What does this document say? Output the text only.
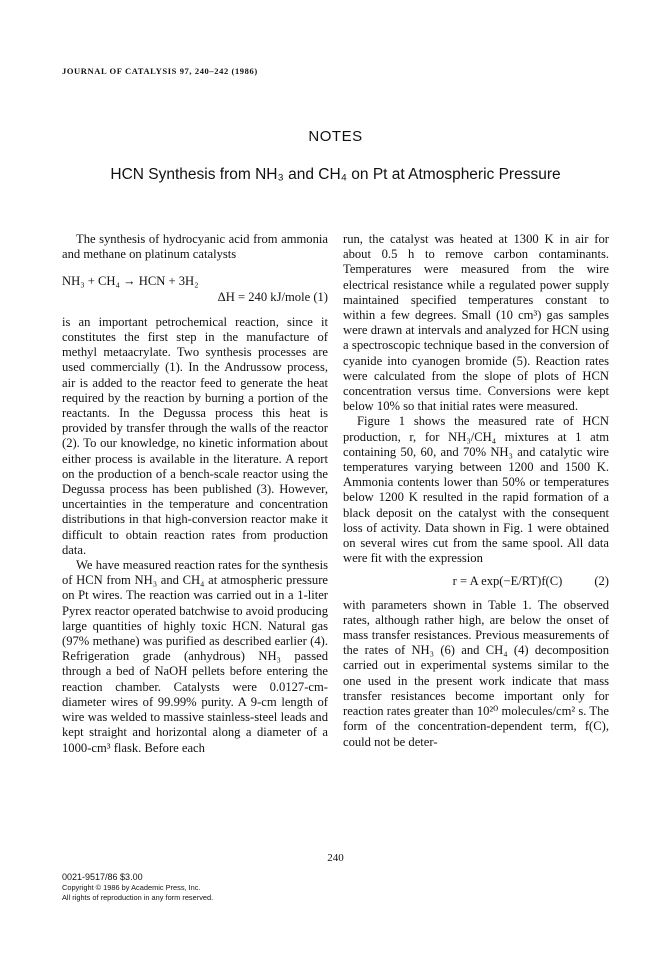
JOURNAL OF CATALYSIS 97, 240–242 (1986)
NOTES
HCN Synthesis from NH₃ and CH₄ on Pt at Atmospheric Pressure

The synthesis of hydrocyanic acid from ammonia and methane on platinum catalysts

NH₃ + CH₄ → HCN + 3H₂
ΔH = 240 kJ/mole (1)

is an important petrochemical reaction, since it constitutes the first step in the manufacture of methyl metaacrylate. Two synthesis processes are used commercially (1). In the Andrussow process, air is added to the reactor feed to generate the heat required by the reaction by burning a portion of the reactants. In the Degussa process this heat is provided by transfer through the walls of the reactor (2). To our knowledge, no kinetic information about either process is available in the literature. A report on the production of a bench-scale reactor using the Degussa process has been published (3). However, uncertainties in the temperature and concentration distributions in that high-conversion reactor make it difficult to obtain reaction rates from production data.

We have measured reaction rates for the synthesis of HCN from NH₃ and CH₄ at atmospheric pressure on Pt wires. The reaction was carried out in a 1-liter Pyrex reactor operated batchwise to avoid producing large quantities of highly toxic HCN. Natural gas (97% methane) was purified as described earlier (4). Refrigeration grade (anhydrous) NH₃ passed through a bed of NaOH pellets before entering the reaction chamber. Catalysts were 0.0127-cm-diameter wires of 99.99% purity. A 9-cm length of wire was welded to massive stainless-steel leads and kept straight and horizontal along a diameter of a 1000-cm³ flask. Before each

run, the catalyst was heated at 1300 K in air for about 0.5 h to remove carbon contaminants. Temperatures were measured from the wire electrical resistance while a regulated power supply maintained specified temperatures constant to within a few degrees. Small (10 cm³) gas samples were drawn at intervals and analyzed for HCN using a spectroscopic technique based in the conversion of cyanide into cyanogen bromide (5). Reaction rates were calculated from the slope of plots of HCN concentration versus time. Conversions were kept below 10% so that initial rates were measured.

Figure 1 shows the measured rate of HCN production, r, for NH₃/CH₄ mixtures at 1 atm containing 50, 60, and 70% NH₃ and catalytic wire temperatures varying between 1200 and 1500 K. Ammonia contents lower than 50% or temperatures below 1200 K resulted in the rapid formation of a black deposit on the catalyst with the consequent loss of activity. Data shown in Fig. 1 were obtained on several wires cut from the same spool. All data were fit with the expression

r = A exp(−E/RT)f(C)	(2)

with parameters shown in Table 1. The observed rates, although rather high, are below the onset of mass transfer resistances. Previous measurements of the rates of NH₃ (6) and CH₄ (4) decomposition carried out in experimental systems similar to the one used in the present work indicate that mass transfer resistances become important only for reaction rates greater than 10²⁰ molecules/cm² s. The form of the concentration-dependent term, f(C), could not be deter-

240
0021-9517/86 $3.00
Copyright © 1986 by Academic Press, Inc.
All rights of reproduction in any form reserved.
